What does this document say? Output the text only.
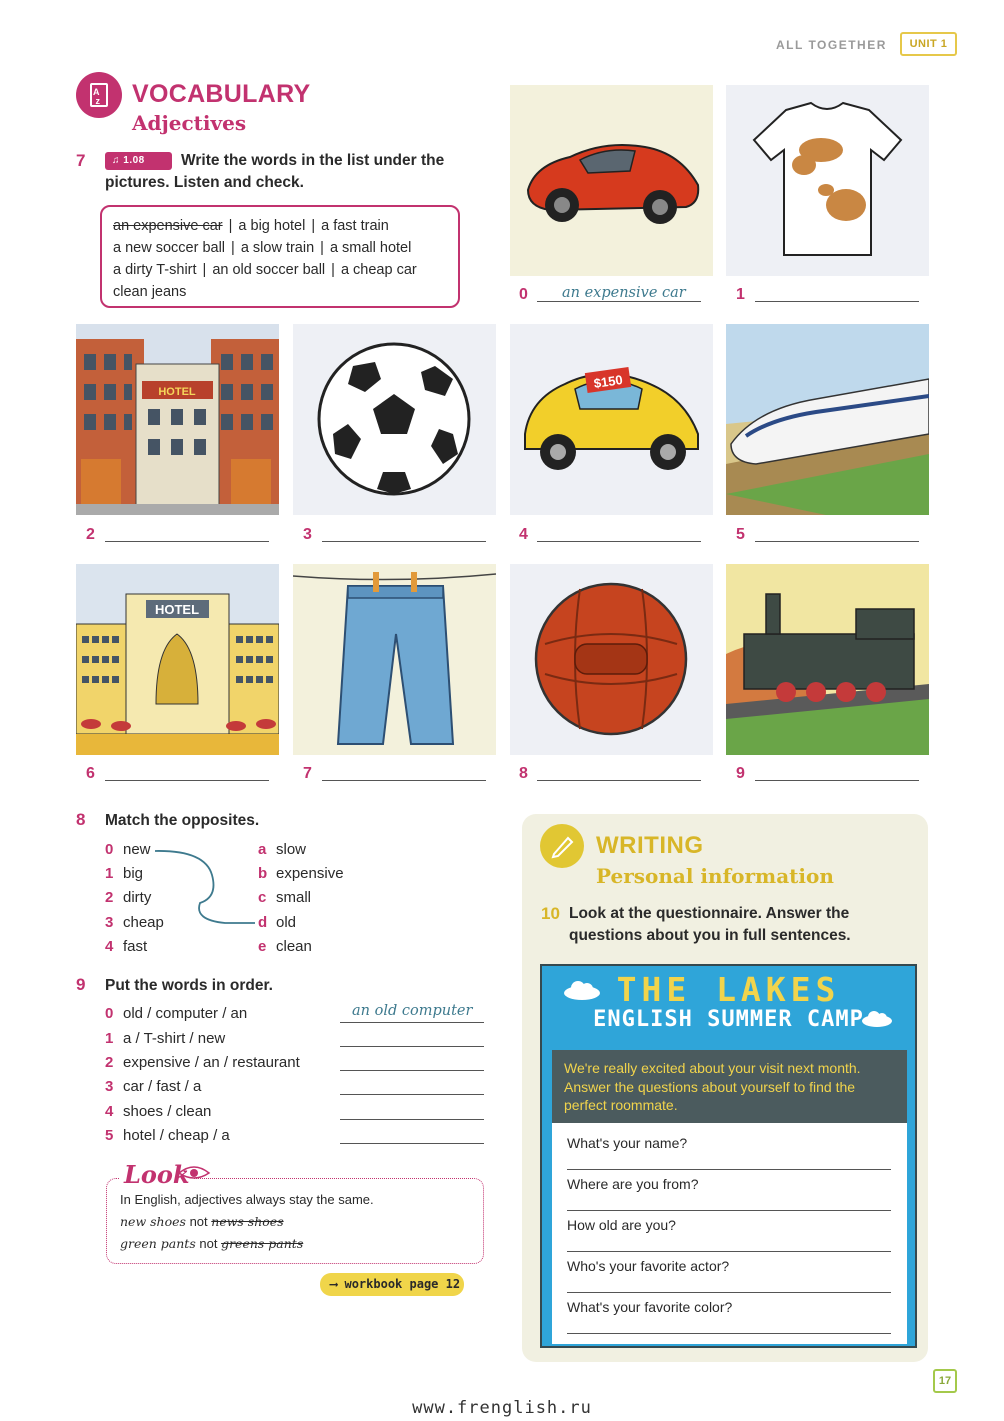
ALL TOGETHER	UNIT 1
A
z	VOCABULARY
Adjectives
7	♫ 1.08	Write the words in the list under the
pictures. Listen and check.
an expensive car | a big hotel | a fast train
a new soccer ball | a slow train | a small hotel
a dirty T-shirt | an old soccer ball | a cheap car
clean jeans	0 an expensive car	1
HOTEL
2	3
$150
4	5
HOTEL
6	7	8	9
8 Match the opposites.
0 new
1 big
2 dirty
3 cheap
4 fast
a slow
b expensive
c small
d old
e clean
9 Put the words in order.
0 old / computer / an
1 a / T-shirt / new
2 expensive / an / restaurant
3 car / fast / a
4 shoes / clean
5 hotel / cheap / a
an old computer
Look
In English, adjectives always stay the same.
new shoes not news shoes
green pants not greens pants
⟶ workbook page 12
WRITING
Personal information
10 Look at the questionnaire. Answer the
questions about you in full sentences.
THE LAKES
ENGLISH SUMMER CAMP
We're really excited about your visit next month. Answer the questions about yourself to find the perfect roommate.
What's your name?
Where are you from?
How old are you?
Who's your favorite actor?
What's your favorite color?
17
www.frenglish.ru
